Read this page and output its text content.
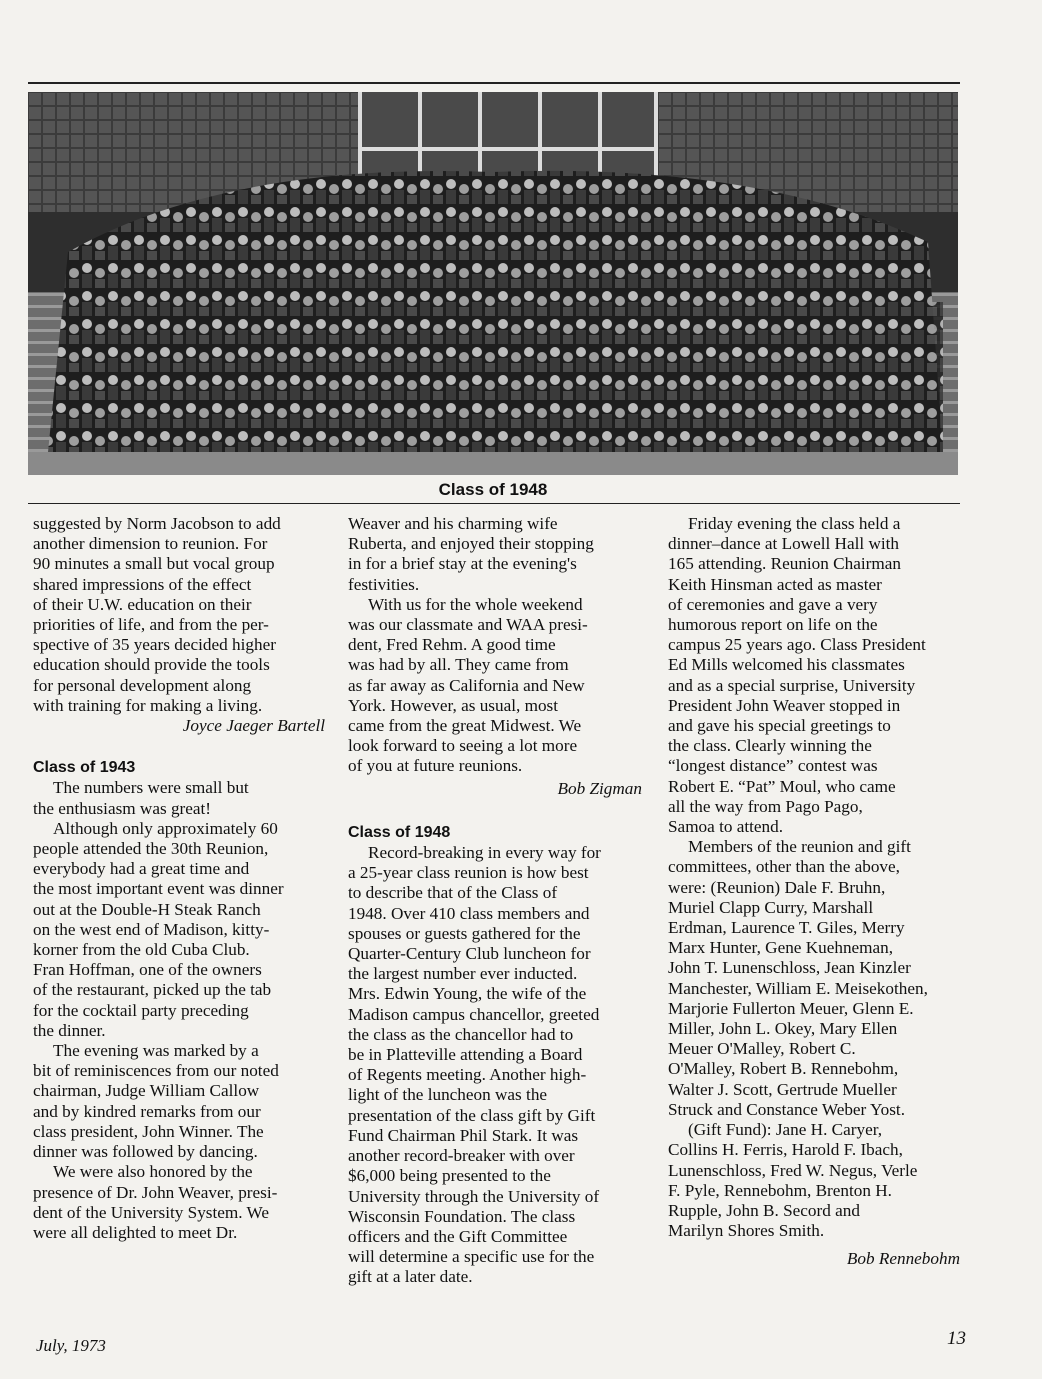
Class of 1948
suggested by Norm Jacobson to add
another dimension to reunion. For
90 minutes a small but vocal group
shared impressions of the effect
of their U.W. education on their
priorities of life, and from the per-
spective of 35 years decided higher
education should provide the tools
for personal development along
with training for making a living.
Joyce Jaeger Bartell
Class of 1943
The numbers were small but
the enthusiasm was great!
Although only approximately 60
people attended the 30th Reunion,
everybody had a great time and
the most important event was dinner
out at the Double-H Steak Ranch
on the west end of Madison, kitty-
korner from the old Cuba Club.
Fran Hoffman, one of the owners
of the restaurant, picked up the tab
for the cocktail party preceding
the dinner.
The evening was marked by a
bit of reminiscences from our noted
chairman, Judge William Callow
and by kindred remarks from our
class president, John Winner. The
dinner was followed by dancing.
We were also honored by the
presence of Dr. John Weaver, presi-
dent of the University System. We
were all delighted to meet Dr.
Weaver and his charming wife
Ruberta, and enjoyed their stopping
in for a brief stay at the evening's
festivities.
With us for the whole weekend
was our classmate and WAA presi-
dent, Fred Rehm. A good time
was had by all. They came from
as far away as California and New
York. However, as usual, most
came from the great Midwest. We
look forward to seeing a lot more
of you at future reunions.
Bob Zigman
Class of 1948
Record-breaking in every way for
a 25-year class reunion is how best
to describe that of the Class of
1948. Over 410 class members and
spouses or guests gathered for the
Quarter-Century Club luncheon for
the largest number ever inducted.
Mrs. Edwin Young, the wife of the
Madison campus chancellor, greeted
the class as the chancellor had to
be in Platteville attending a Board
of Regents meeting. Another high-
light of the luncheon was the
presentation of the class gift by Gift
Fund Chairman Phil Stark. It was
another record-breaker with over
$6,000 being presented to the
University through the University of
Wisconsin Foundation. The class
officers and the Gift Committee
will determine a specific use for the
gift at a later date.
Friday evening the class held a
dinner–dance at Lowell Hall with
165 attending. Reunion Chairman
Keith Hinsman acted as master
of ceremonies and gave a very
humorous report on life on the
campus 25 years ago. Class President
Ed Mills welcomed his classmates
and as a special surprise, University
President John Weaver stopped in
and gave his special greetings to
the class. Clearly winning the
“longest distance” contest was
Robert E. “Pat” Moul, who came
all the way from Pago Pago,
Samoa to attend.
Members of the reunion and gift
committees, other than the above,
were: (Reunion) Dale F. Bruhn,
Muriel Clapp Curry, Marshall
Erdman, Laurence T. Giles, Merry
Marx Hunter, Gene Kuehneman,
John T. Lunenschloss, Jean Kinzler
Manchester, William E. Meisekothen,
Marjorie Fullerton Meuer, Glenn E.
Miller, John L. Okey, Mary Ellen
Meuer O'Malley, Robert C.
O'Malley, Robert B. Rennebohm,
Walter J. Scott, Gertrude Mueller
Struck and Constance Weber Yost.
(Gift Fund): Jane H. Caryer,
Collins H. Ferris, Harold F. Ibach,
Lunenschloss, Fred W. Negus, Verle
F. Pyle, Rennebohm, Brenton H.
Rupple, John B. Secord and
Marilyn Shores Smith.
Bob Rennebohm
July, 1973	13
